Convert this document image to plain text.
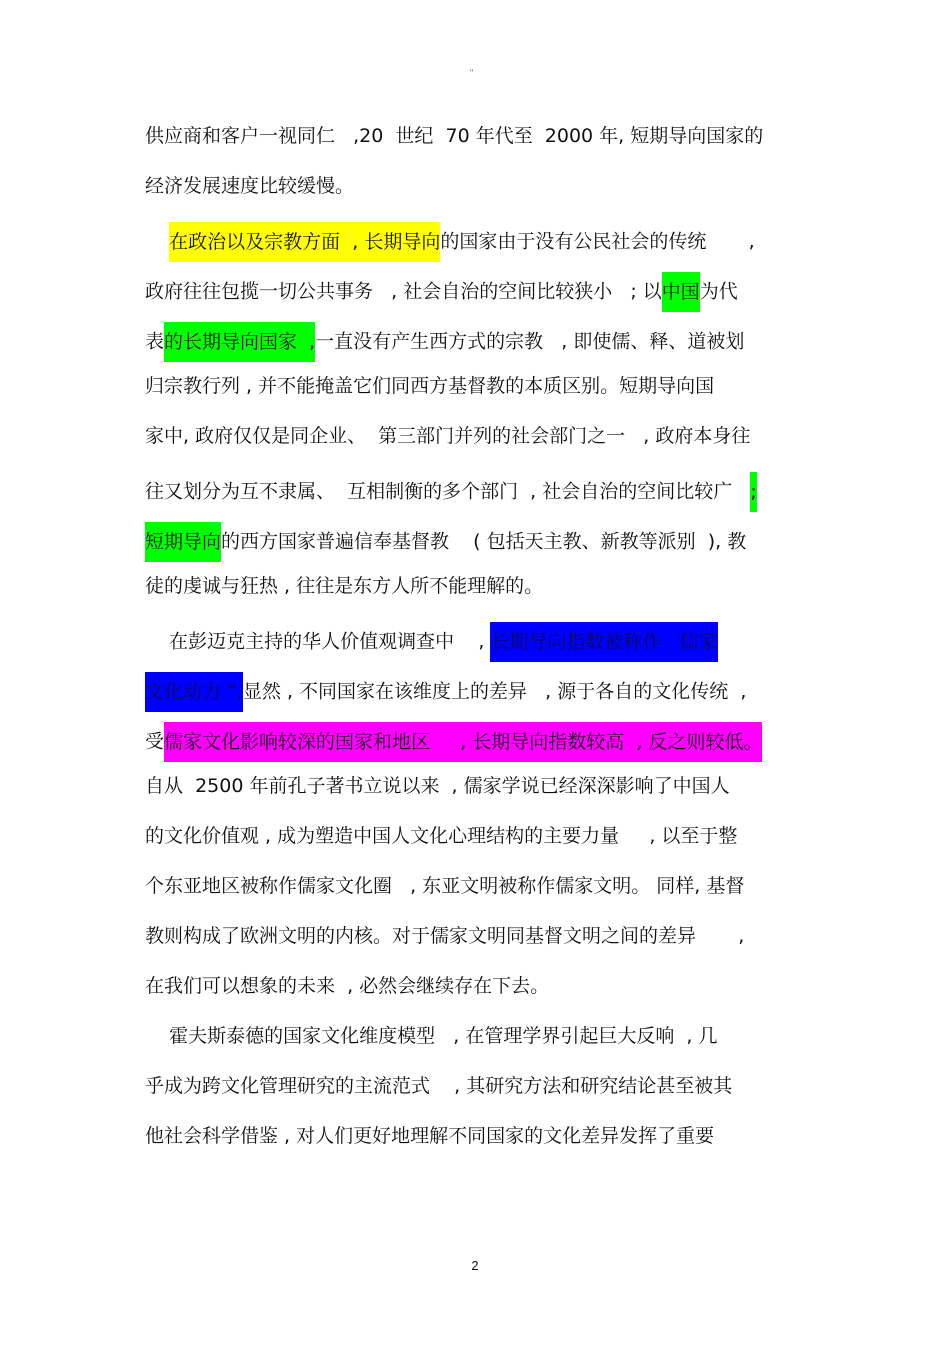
"
供应商和客户一视同仁   ,20  世纪  70 年代至  2000 年, 短期导向国家的
经济发展速度比较缓慢。
在政治以及宗教方面  , 长期导向的国家由于没有公民社会的传统       ,
政府往往包揽一切公共事务   , 社会自治的空间比较狭小   ; 以中国为代
表的长期导向国家  ,一直没有产生西方式的宗教   , 即使儒、释、道被划
归宗教行列 , 并不能掩盖它们同西方基督教的本质区别。短期导向国
家中, 政府仅仅是同企业、  第三部门并列的社会部门之一   , 政府本身往
往又划分为互不隶属、  互相制衡的多个部门  , 社会自治的空间比较广   ;
短期导向的西方国家普遍信奉基督教    ( 包括天主教、新教等派别  ), 教
徒的虔诚与狂热 , 往往是东方人所不能理解的。
在彭迈克主持的华人价值观调查中    , 长期导向指数被称作   儒家
文化动力 ”,显然 , 不同国家在该维度上的差异   , 源于各自的文化传统  ,
受儒家文化影响较深的国家和地区     , 长期导向指数较高  , 反之则较低。
自从  2500 年前孔子著书立说以来  , 儒家学说已经深深影响了中国人
的文化价值观 , 成为塑造中国人文化心理结构的主要力量     , 以至于整
个东亚地区被称作儒家文化圈   , 东亚文明被称作儒家文明。 同样, 基督
教则构成了欧洲文明的内核。对于儒家文明同基督文明之间的差异       ,
在我们可以想象的未来  , 必然会继续存在下去。
霍夫斯泰德的国家文化维度模型   , 在管理学界引起巨大反响  , 几
乎成为跨文化管理研究的主流范式    , 其研究方法和研究结论甚至被其
他社会科学借鉴 , 对人们更好地理解不同国家的文化差异发挥了重要
2
